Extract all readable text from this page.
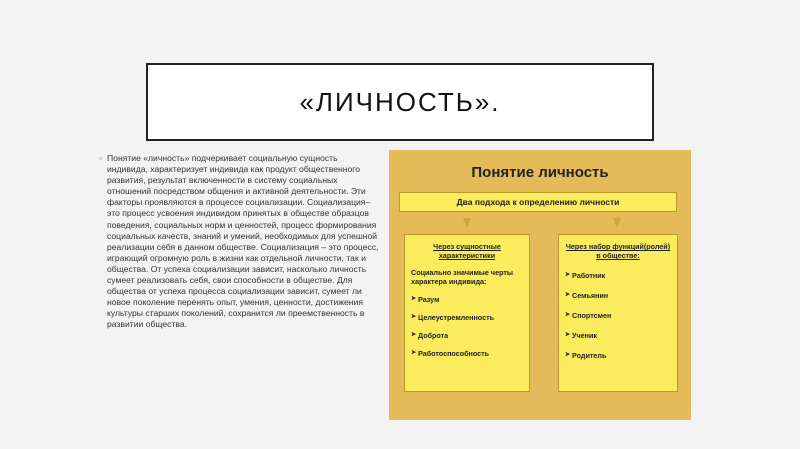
«ЛИЧНОСТЬ».
▫ Понятие «личность» подчеркивает социальную сущность индивида, характеризует индивида как продукт общественного развития, результат включенности в систему социальных отношений посредством общения и активной деятельности. Эти факторы проявляются в процессе социализации. Социализация– это процесс усвоения индивидом принятых в обществе образцов поведения, социальных норм и ценностей, процесс формирования социальных качеств, знаний и умений, необходимых для успешной реализации себя в данном обществе. Социализация – это процесс, играющий огромную роль в жизни как отдельной личности, так и общества. От успеха социализации зависит, насколько личность сумеет реализовать себя, свои способности в обществе. Для общества от успеха процесса социализации зависит, сумеет ли новое поколение перенять опыт, умения, ценности, достижения культуры старших поколений, сохранится ли преемственность в развитии общества.
Понятие личность
Два подхода к определению личности
Через сущностные характеристики
Социально значимые черты характера индивида:
➤ Разум
➤ Целеустремленность
➤ Доброта
➤ Работоспособность
Через набор функций(ролей) в обществе:
➤ Работник
➤ Семьянин
➤ Спортсмен
➤ Ученик
➤ Родитель
